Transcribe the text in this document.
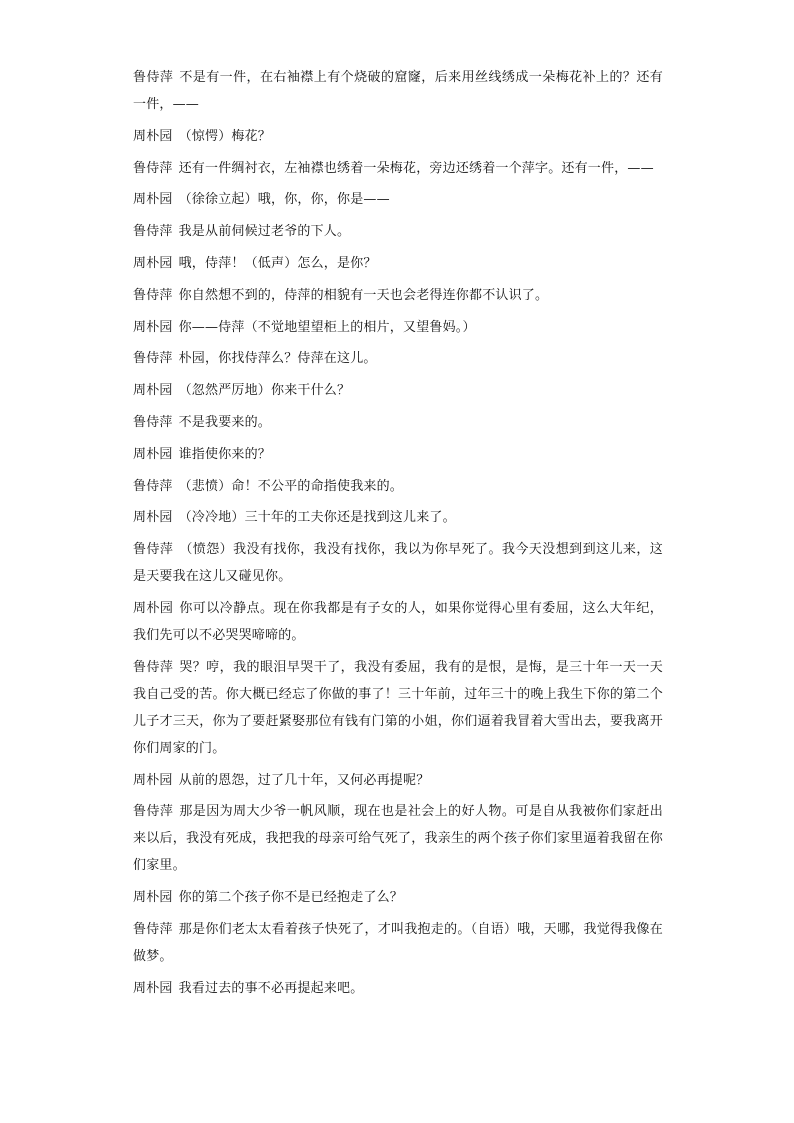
鲁侍萍 不是有一件，在右袖襟上有个烧破的窟窿，后来用丝线绣成一朵梅花补上的？还有一件，——

周朴园 （惊愕）梅花？

鲁侍萍 还有一件绸衬衣，左袖襟也绣着一朵梅花，旁边还绣着一个萍字。还有一件，——

周朴园 （徐徐立起）哦，你，你，你是——

鲁侍萍 我是从前伺候过老爷的下人。

周朴园 哦，侍萍！（低声）怎么，是你？

鲁侍萍 你自然想不到的，侍萍的相貌有一天也会老得连你都不认识了。

周朴园 你——侍萍（不觉地望望柜上的相片，又望鲁妈。）

鲁侍萍 朴园，你找侍萍么？侍萍在这儿。

周朴园 （忽然严厉地）你来干什么？

鲁侍萍 不是我要来的。

周朴园 谁指使你来的？

鲁侍萍 （悲愤）命！不公平的命指使我来的。

周朴园 （冷冷地）三十年的工夫你还是找到这儿来了。

鲁侍萍 （愤怨）我没有找你，我没有找你，我以为你早死了。我今天没想到到这儿来，这是天要我在这儿又碰见你。

周朴园 你可以冷静点。现在你我都是有子女的人，如果你觉得心里有委屈，这么大年纪，我们先可以不必哭哭啼啼的。

鲁侍萍 哭？哼，我的眼泪早哭干了，我没有委屈，我有的是恨，是悔，是三十年一天一天我自己受的苦。你大概已经忘了你做的事了！三十年前，过年三十的晚上我生下你的第二个儿子才三天，你为了要赶紧娶那位有钱有门第的小姐，你们逼着我冒着大雪出去，要我离开你们周家的门。

周朴园 从前的恩怨，过了几十年，又何必再提呢？

鲁侍萍 那是因为周大少爷一帆风顺，现在也是社会上的好人物。可是自从我被你们家赶出来以后，我没有死成，我把我的母亲可给气死了，我亲生的两个孩子你们家里逼着我留在你们家里。

周朴园 你的第二个孩子你不是已经抱走了么？

鲁侍萍 那是你们老太太看着孩子快死了，才叫我抱走的。（自语）哦，天哪，我觉得我像在做梦。

周朴园 我看过去的事不必再提起来吧。
